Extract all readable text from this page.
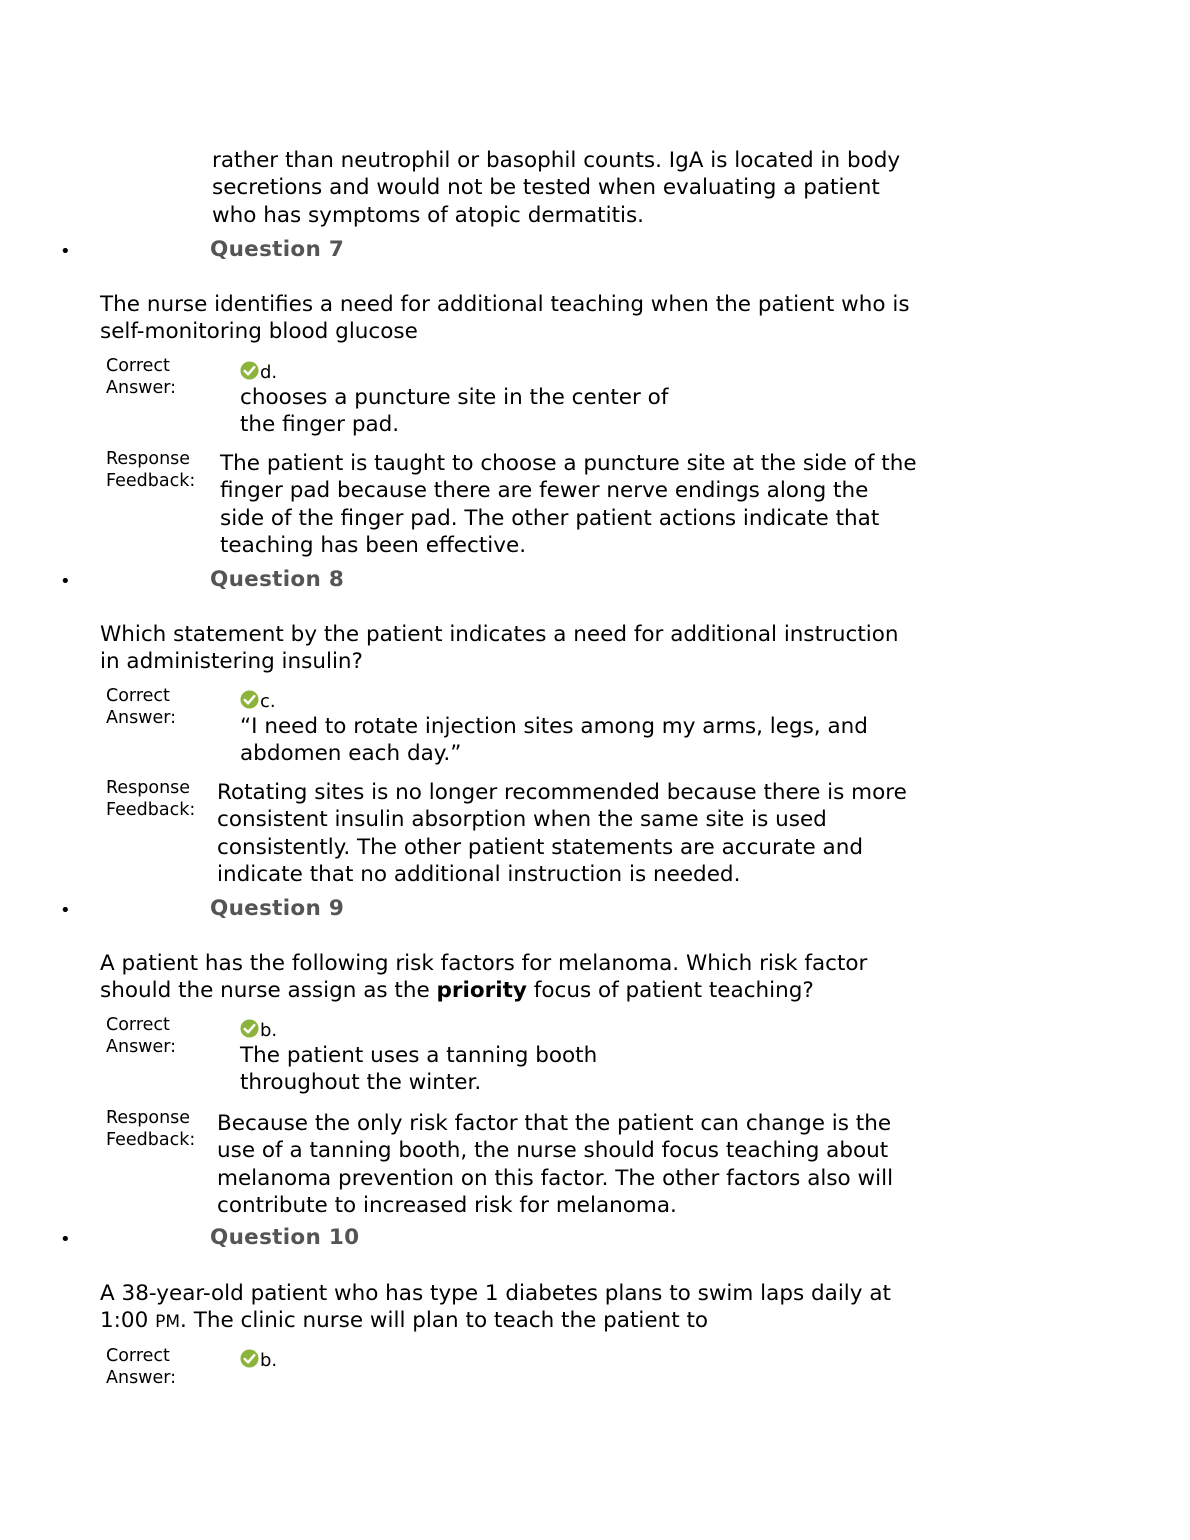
rather than neutrophil or basophil counts. IgA is located in body
secretions and would not be tested when evaluating a patient
who has symptoms of atopic dermatitis.

•	Question 7

The nurse identifies a need for additional teaching when the patient who is
self-monitoring blood glucose

Correct
Answer:
d.

chooses a puncture site in the center of
the finger pad.

Response
Feedback:

The patient is taught to choose a puncture site at the side of the
finger pad because there are fewer nerve endings along the
side of the finger pad. The other patient actions indicate that
teaching has been effective.

•	Question 8

Which statement by the patient indicates a need for additional instruction
in administering insulin?

Correct
Answer:
c.

“I need to rotate injection sites among my arms, legs, and
abdomen each day.”

Response
Feedback:

Rotating sites is no longer recommended because there is more
consistent insulin absorption when the same site is used
consistently. The other patient statements are accurate and
indicate that no additional instruction is needed.

•	Question 9

A patient has the following risk factors for melanoma. Which risk factor
should the nurse assign as the priority focus of patient teaching?

Correct
Answer:
b.

The patient uses a tanning booth
throughout the winter.

Response
Feedback:

Because the only risk factor that the patient can change is the
use of a tanning booth, the nurse should focus teaching about
melanoma prevention on this factor. The other factors also will
contribute to increased risk for melanoma.

•	Question 10

A 38-year-old patient who has type 1 diabetes plans to swim laps daily at
1:00 PM. The clinic nurse will plan to teach the patient to

Correct
Answer:
b.
